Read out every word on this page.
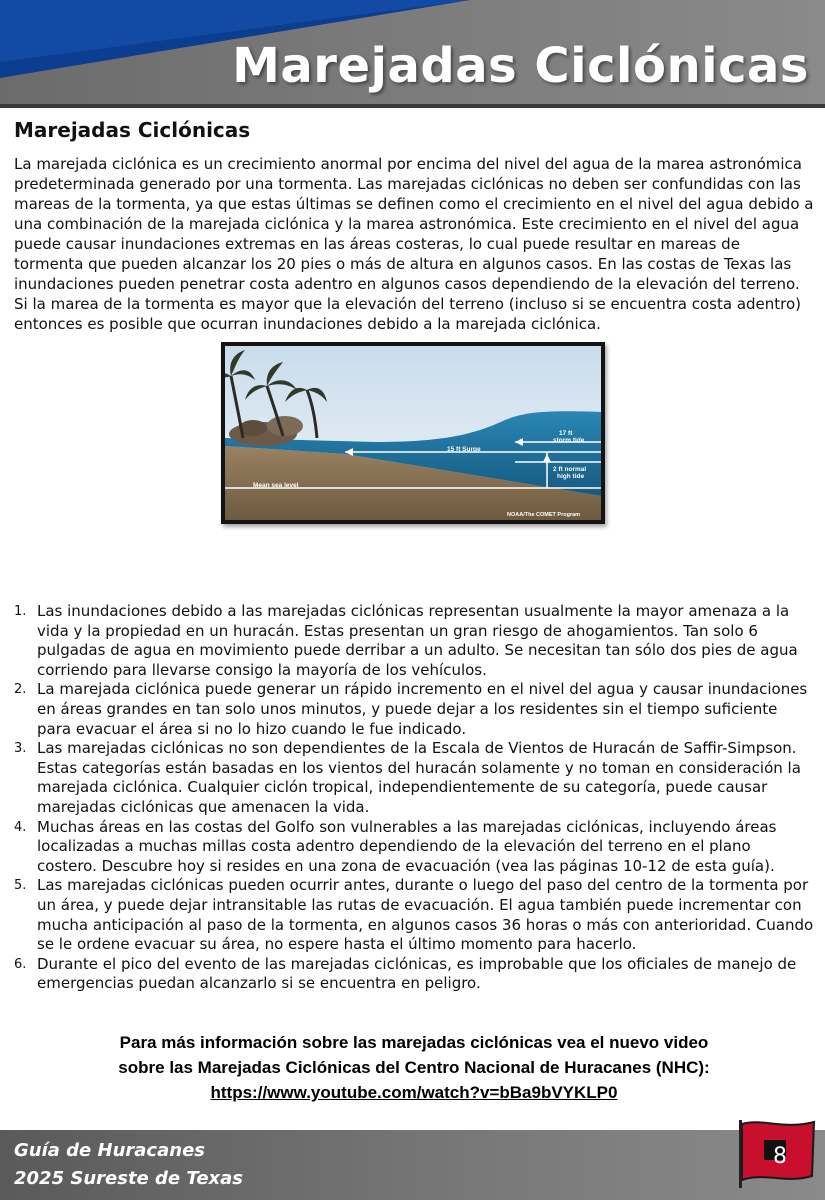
Marejadas Ciclónicas
Marejadas Ciclónicas

La marejada ciclónica es un crecimiento anormal por encima del nivel del agua de la marea astronómica predeterminada generado por una tormenta. Las marejadas ciclónicas no deben ser confundidas con las mareas de la tormenta, ya que estas últimas se definen como el crecimiento en el nivel del agua debido a una combinación de la marejada ciclónica y la marea astronómica. Este crecimiento en el nivel del agua puede causar inundaciones extremas en las áreas costeras, lo cual puede resultar en mareas de tormenta que pueden alcanzar los 20 pies o más de altura en algunos casos. En las costas de Texas las inundaciones pueden penetrar costa adentro en algunos casos dependiendo de la elevación del terreno. Si la marea de la tormenta es mayor que la elevación del terreno (incluso si se encuentra costa adentro) entonces es posible que ocurran inundaciones debido a la marejada ciclónica.

17 ft
storm tide
15 ft Surge
2 ft normal
high tide
Mean sea level
NOAA/The COMET Program
1. Las inundaciones debido a las marejadas ciclónicas representan usualmente la mayor amenaza a la vida y la propiedad en un huracán. Estas presentan un gran riesgo de ahogamientos. Tan solo 6 pulgadas de agua en movimiento puede derribar a un adulto. Se necesitan tan sólo dos pies de agua corriendo para llevarse consigo la mayoría de los vehículos.
2. La marejada ciclónica puede generar un rápido incremento en el nivel del agua y causar inundaciones en áreas grandes en tan solo unos minutos, y puede dejar a los residentes sin el tiempo suficiente para evacuar el área si no lo hizo cuando le fue indicado.
3. Las marejadas ciclónicas no son dependientes de la Escala de Vientos de Huracán de Saffir-Simpson. Estas categorías están basadas en los vientos del huracán solamente y no toman en consideración la marejada ciclónica. Cualquier ciclón tropical, independientemente de su categoría, puede causar marejadas ciclónicas que amenacen la vida.
4. Muchas áreas en las costas del Golfo son vulnerables a las marejadas ciclónicas, incluyendo áreas localizadas a muchas millas costa adentro dependiendo de la elevación del terreno en el plano costero. Descubre hoy si resides en una zona de evacuación (vea las páginas 10-12 de esta guía).
5. Las marejadas ciclónicas pueden ocurrir antes, durante o luego del paso del centro de la tormenta por un área, y puede dejar intransitable las rutas de evacuación. El agua también puede incrementar con mucha anticipación al paso de la tormenta, en algunos casos 36 horas o más con anterioridad. Cuando se le ordene evacuar su área, no espere hasta el último momento para hacerlo.
6. Durante el pico del evento de las marejadas ciclónicas, es improbable que los oficiales de manejo de emergencias puedan alcanzarlo si se encuentra en peligro.
Para más información sobre las marejadas ciclónicas vea el nuevo video
sobre las Marejadas Ciclónicas del Centro Nacional de Huracanes (NHC):
https://www.youtube.com/watch?v=bBa9bVYKLP0
Guía de Huracanes
2025 Sureste de Texas
8
